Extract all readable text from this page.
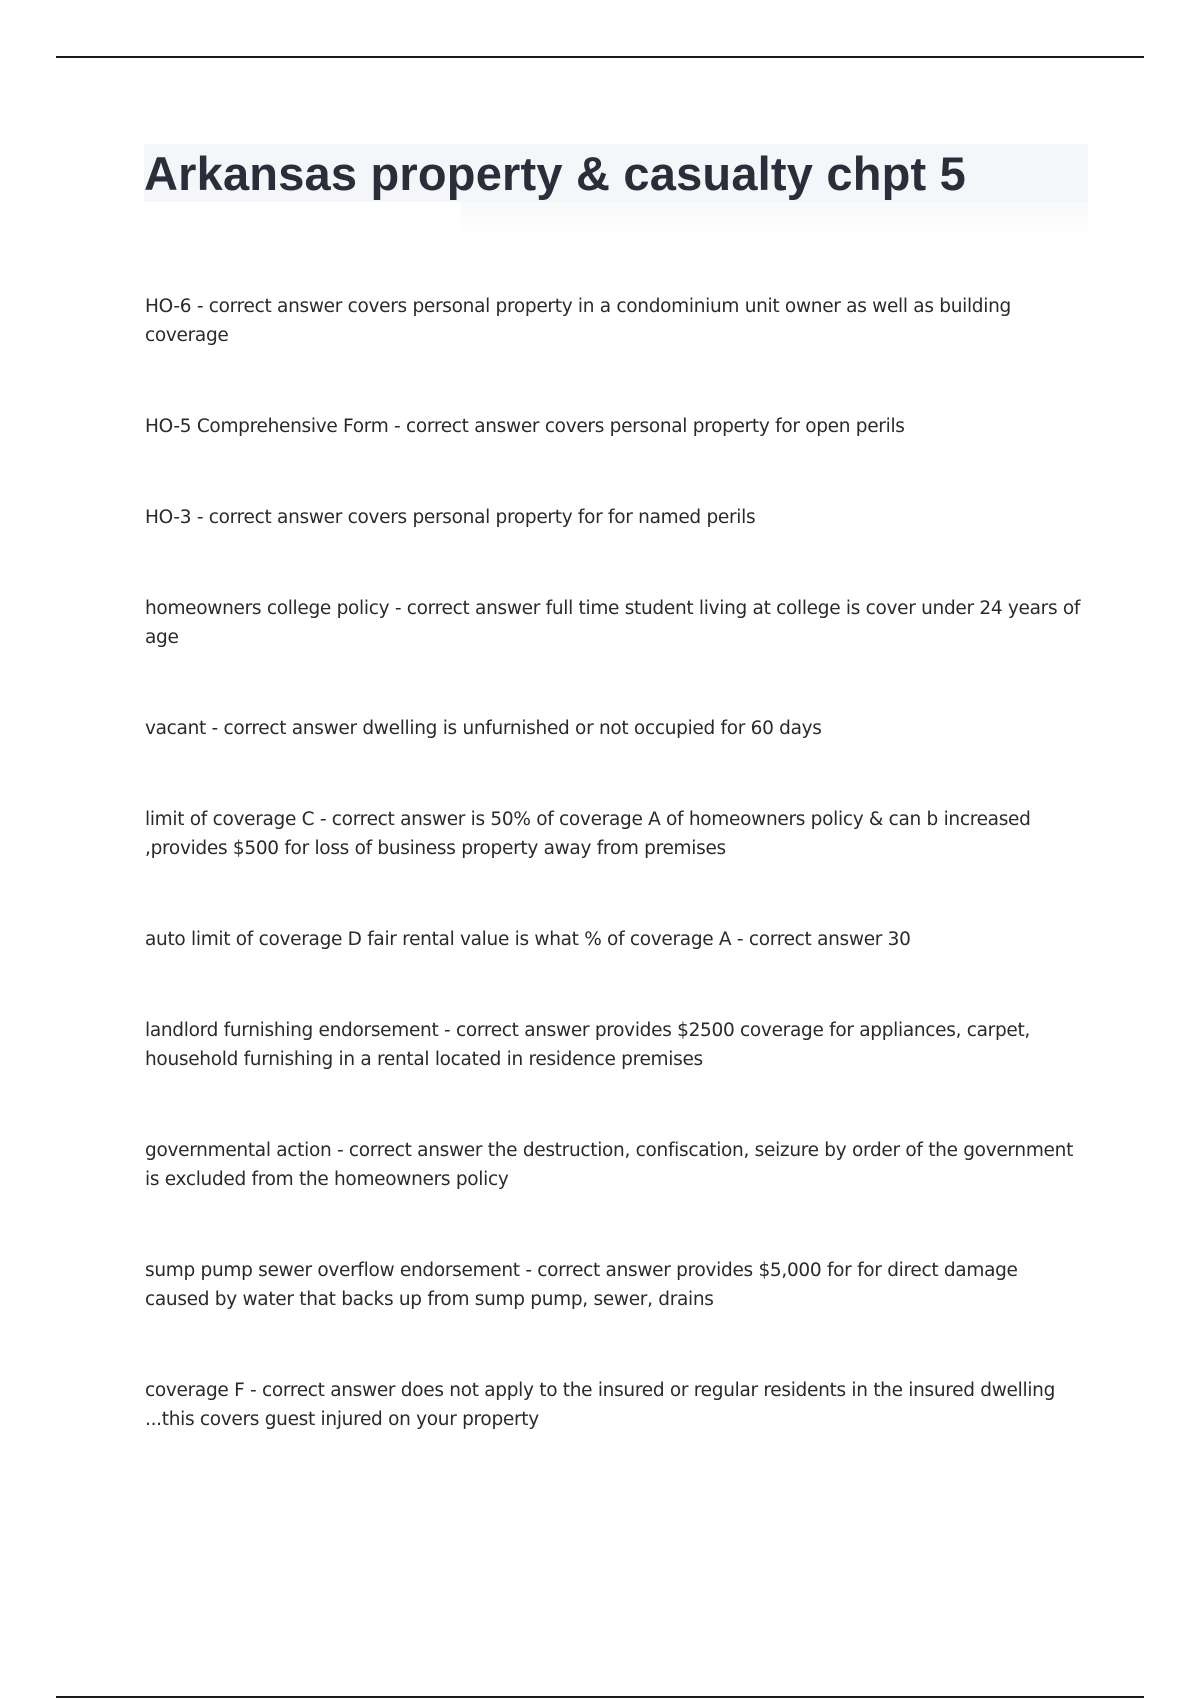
Arkansas property & casualty chpt 5
HO-6 - correct answer covers personal property in a condominium unit owner as well as building coverage
HO-5 Comprehensive Form - correct answer covers personal property for open perils
HO-3 - correct answer covers personal property for for named perils
homeowners college policy - correct answer full time student living at college is cover under 24 years of age
vacant - correct answer dwelling is unfurnished or not occupied for 60 days
limit of coverage C - correct answer is 50% of coverage A of homeowners policy & can b increased ,provides $500 for loss of business property away from premises
auto limit of coverage D fair rental value is what % of coverage A - correct answer 30
landlord furnishing endorsement - correct answer provides $2500 coverage for appliances, carpet, household furnishing in a rental located in residence premises
governmental action - correct answer the destruction, confiscation, seizure by order of the government is excluded from the homeowners policy
sump pump sewer overflow endorsement - correct answer provides $5,000 for for direct damage caused by water that backs up from sump pump, sewer, drains
coverage F - correct answer does not apply to the insured or regular residents in the insured dwelling ...this covers guest injured on your property
